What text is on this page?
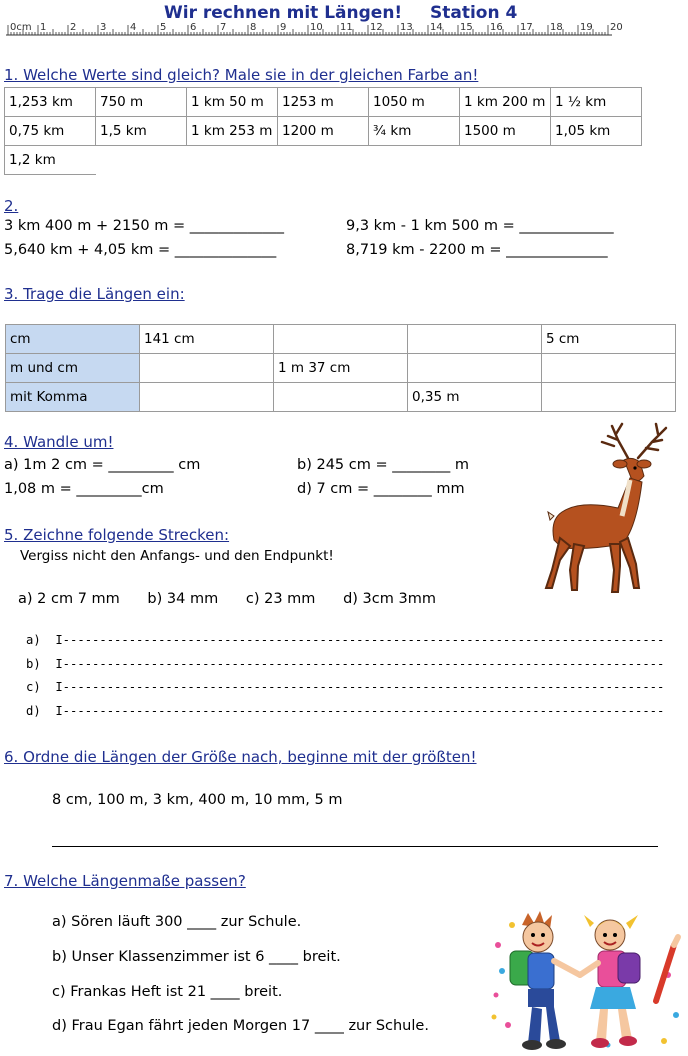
Wir rechnen mit Längen! Station 4
0cm 1 2 3 4 5 6 7 8 9 10 11 12 13 14 15 16 17 18 19 20
1. Welche Werte sind gleich? Male sie in der gleichen Farbe an!
1,253 km	750 m	1 km 50 m	1253 m	1050 m	1 km 200 m	1 ½ km
0,75 km	1,5 km	1 km 253 m	1200 m	¾ km	1500 m	1,05 km
1,2 km						
2.
3 km 400 m + 2150 m = _____________
5,640 km + 4,05 km = ______________
9,3 km - 1 km 500 m = _____________
8,719 km - 2200 m = ______________
3. Trage die Längen ein:
cm	141 cm			5 cm
m und cm		1 m 37 cm		
mit Komma			0,35 m	
4. Wandle um!
a) 1m 2 cm = _________ cm
1,08 m = _________cm
b) 245 cm = ________ m
d) 7 cm = ________ mm
5. Zeichne folgende Strecken:
Vergiss nicht den Anfangs- und den Endpunkt!
a) 2 cm 7 mm      b) 34 mm      c) 23 mm      d) 3cm 3mm
a)  I----------------------------------------------------------------------------------
b)  I----------------------------------------------------------------------------------
c)  I----------------------------------------------------------------------------------
d)  I----------------------------------------------------------------------------------
6. Ordne die Längen der Größe nach, beginne mit der größten!
8 cm, 100 m, 3 km, 400 m, 10 mm, 5 m
7. Welche Längenmaße passen?
a) Sören läuft 300 ____ zur Schule.
b) Unser Klassenzimmer ist 6 ____ breit.
c) Frankas Heft ist 21 ____ breit.
d) Frau Egan fährt jeden Morgen 17 ____ zur Schule.
